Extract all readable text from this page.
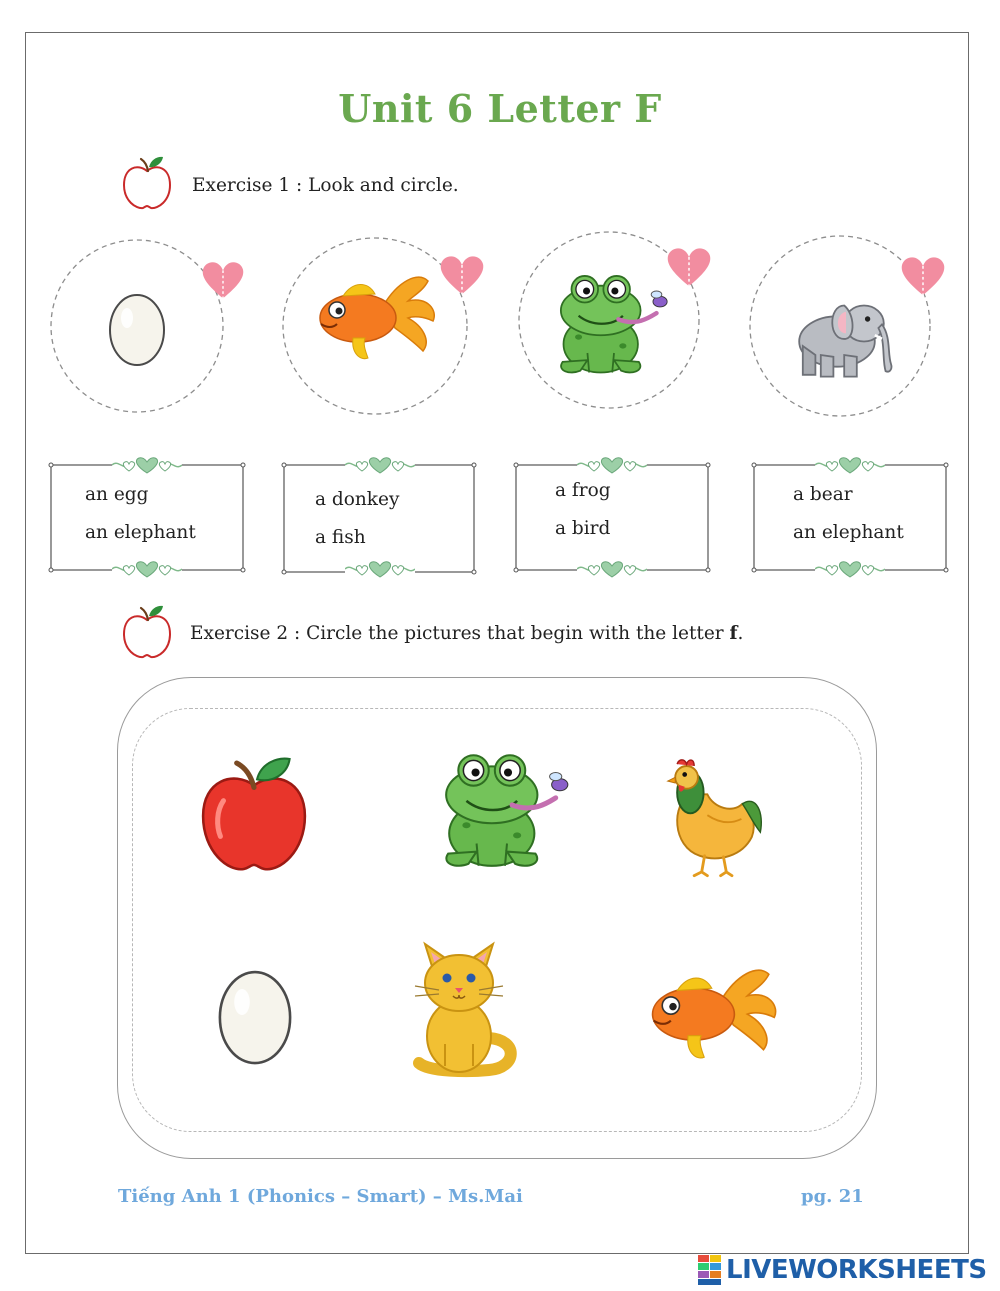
Unit 6 Letter F
Exercise 1 : Look and circle.
an egg
an elephant
a donkey
a fish
a frog
a bird
a bear
an elephant
Exercise 2 : Circle the pictures that begin with the letter f.
Tiếng Anh 1 (Phonics – Smart) – Ms.Mai	pg. 21
LIVEWORKSHEETS
